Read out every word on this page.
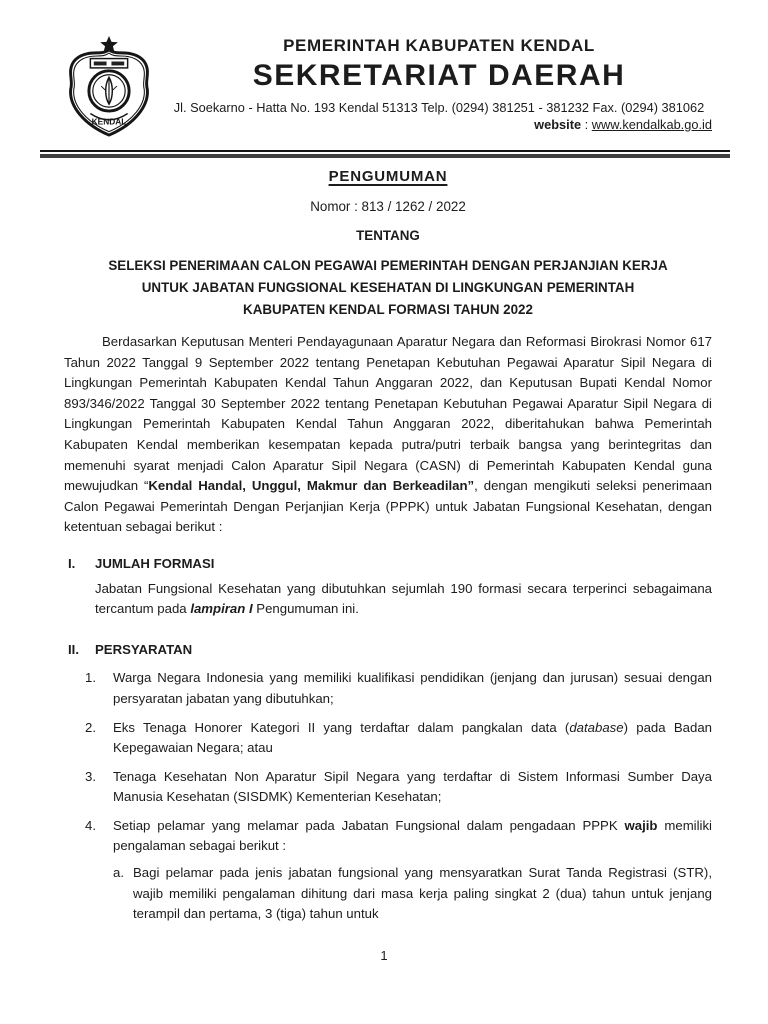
KENDAL
PEMERINTAH KABUPATEN KENDAL
SEKRETARIAT DAERAH
Jl. Soekarno - Hatta No. 193 Kendal 51313 Telp. (0294) 381251 - 381232 Fax. (0294) 381062
website : www.kendalkab.go.id
PENGUMUMAN
Nomor : 813 / 1262 / 2022
TENTANG
SELEKSI PENERIMAAN CALON PEGAWAI PEMERINTAH DENGAN PERJANJIAN KERJA
UNTUK JABATAN FUNGSIONAL KESEHATAN DI LINGKUNGAN PEMERINTAH
KABUPATEN KENDAL FORMASI TAHUN 2022

Berdasarkan Keputusan Menteri Pendayagunaan Aparatur Negara dan Reformasi Birokrasi Nomor 617 Tahun 2022 Tanggal 9 September 2022 tentang Penetapan Kebutuhan Pegawai Aparatur Sipil Negara di Lingkungan Pemerintah Kabupaten Kendal Tahun Anggaran 2022, dan Keputusan Bupati Kendal Nomor 893/346/2022 Tanggal 30 September 2022 tentang Penetapan Kebutuhan Pegawai Aparatur Sipil Negara di Lingkungan Pemerintah Kabupaten Kendal Tahun Anggaran 2022, diberitahukan bahwa Pemerintah Kabupaten Kendal memberikan kesempatan kepada putra/putri terbaik bangsa yang berintegritas dan memenuhi syarat menjadi Calon Aparatur Sipil Negara (CASN) di Pemerintah Kabupaten Kendal guna mewujudkan “Kendal Handal, Unggul, Makmur dan Berkeadilan”, dengan mengikuti seleksi penerimaan Calon Pegawai Pemerintah Dengan Perjanjian Kerja (PPPK) untuk Jabatan Fungsional Kesehatan, dengan ketentuan sebagai berikut :

I.	JUMLAH FORMASI
Jabatan Fungsional Kesehatan yang dibutuhkan sejumlah 190 formasi secara terperinci sebagaimana tercantum pada lampiran I Pengumuman ini.
II.	PERSYARATAN
1.	Warga Negara Indonesia yang memiliki kualifikasi pendidikan (jenjang dan jurusan) sesuai dengan persyaratan jabatan yang dibutuhkan;
2.	Eks Tenaga Honorer Kategori II yang terdaftar dalam pangkalan data (database) pada Badan Kepegawaian Negara; atau
3.	Tenaga Kesehatan Non Aparatur Sipil Negara yang terdaftar di Sistem Informasi Sumber Daya Manusia Kesehatan (SISDMK) Kementerian Kesehatan;
4.	Setiap pelamar yang melamar pada Jabatan Fungsional dalam pengadaan PPPK wajib memiliki pengalaman sebagai berikut :
a. Bagi pelamar pada jenis jabatan fungsional yang mensyaratkan Surat Tanda Registrasi (STR), wajib memiliki pengalaman dihitung dari masa kerja paling singkat 2 (dua) tahun untuk jenjang terampil dan pertama, 3 (tiga) tahun untuk
1
